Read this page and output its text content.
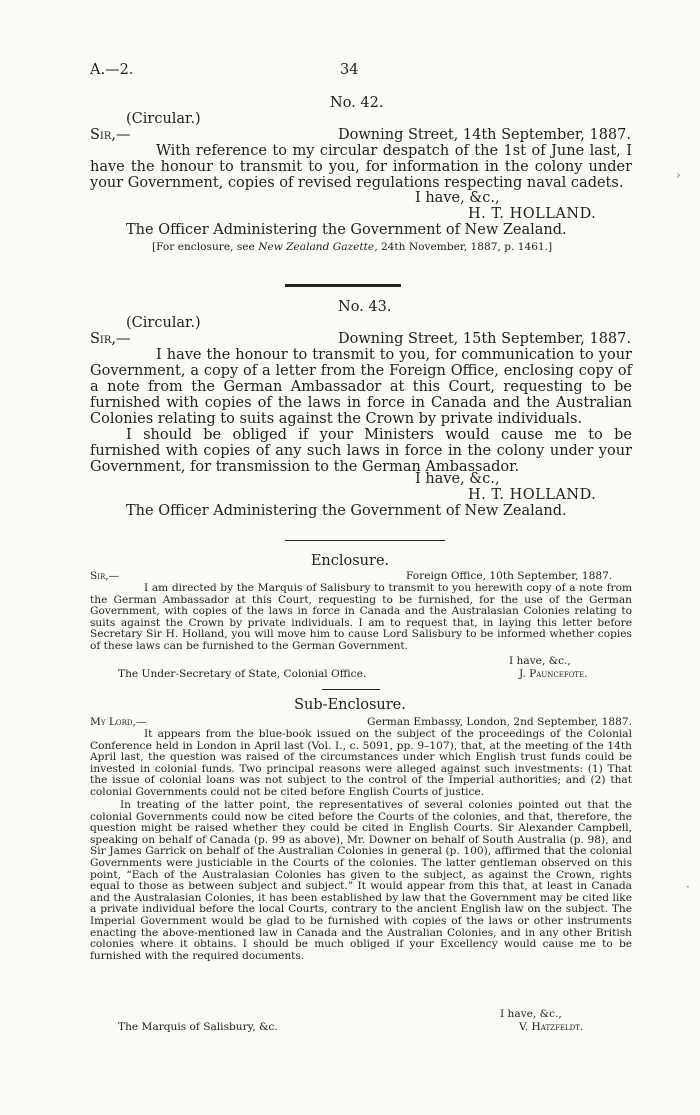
A.—2.	34
No. 42.
(Circular.)
Sir,—	Downing Street, 14th September, 1887.
With reference to my circular despatch of the 1st of June last, I have the honour to transmit to you, for information in the colony under your Government, copies of revised regulations respecting naval cadets.
I have, &c.,
H. T. HOLLAND.
The Officer Administering the Government of New Zealand.
[For enclosure, see New Zealand Gazette, 24th November, 1887, p. 1461.]
No. 43.
(Circular.)
Sir,—	Downing Street, 15th September, 1887.
I have the honour to transmit to you, for communication to your Government, a copy of a letter from the Foreign Office, enclosing copy of a note from the German Ambassador at this Court, requesting to be furnished with copies of the laws in force in Canada and the Australian Colonies relating to suits against the Crown by private individuals.
I should be obliged if your Ministers would cause me to be furnished with copies of any such laws in force in the colony under your Government, for transmission to the German Ambassador.
I have, &c.,
H. T. HOLLAND.
The Officer Administering the Government of New Zealand.
Enclosure.
Sir,—	Foreign Office, 10th September, 1887.
I am directed by the Marquis of Salisbury to transmit to you herewith copy of a note from the German Ambassador at this Court, requesting to be furnished, for the use of the German Government, with copies of the laws in force in Canada and the Australasian Colonies relating to suits against the Crown by private individuals. I am to request that, in laying this letter before Secretary Sir H. Holland, you will move him to cause Lord Salisbury to be informed whether copies of these laws can be furnished to the German Government.
I have, &c.,
The Under-Secretary of State, Colonial Office.	J. Pauncefote.
Sub-Enclosure.
My Lord,—	German Embassy, London, 2nd September, 1887.
It appears from the blue-book issued on the subject of the proceedings of the Colonial Conference held in London in April last (Vol. I., c. 5091, pp. 9–107), that, at the meeting of the 14th April last, the question was raised of the circumstances under which English trust funds could be invested in colonial funds. Two principal reasons were alleged against such investments: (1) That the issue of colonial loans was not subject to the control of the Imperial authorities; and (2) that colonial Governments could not be cited before English Courts of justice.
In treating of the latter point, the representatives of several colonies pointed out that the colonial Governments could now be cited before the Courts of the colonies, and that, therefore, the question might be raised whether they could be cited in English Courts. Sir Alexander Campbell, speaking on behalf of Canada (p. 99 as above), Mr. Downer on behalf of South Australia (p. 98), and Sir James Garrick on behalf of the Australian Colonies in general (p. 100), affirmed that the colonial Governments were justiciable in the Courts of the colonies. The latter gentleman observed on this point, “Each of the Australasian Colonies has given to the subject, as against the Crown, rights equal to those as between subject and subject.” It would appear from this that, at least in Canada and the Australasian Colonies, it has been established by law that the Government may be cited like a private individual before the local Courts, contrary to the ancient English law on the subject. The Imperial Government would be glad to be furnished with copies of the laws or other instruments enacting the above-mentioned law in Canada and the Australian Colonies, and in any other British colonies where it obtains. I should be much obliged if your Excellency would cause me to be furnished with the required documents.
I have, &c.,
The Marquis of Salisbury, &c.	V. Hatzfeldt.
›
·
